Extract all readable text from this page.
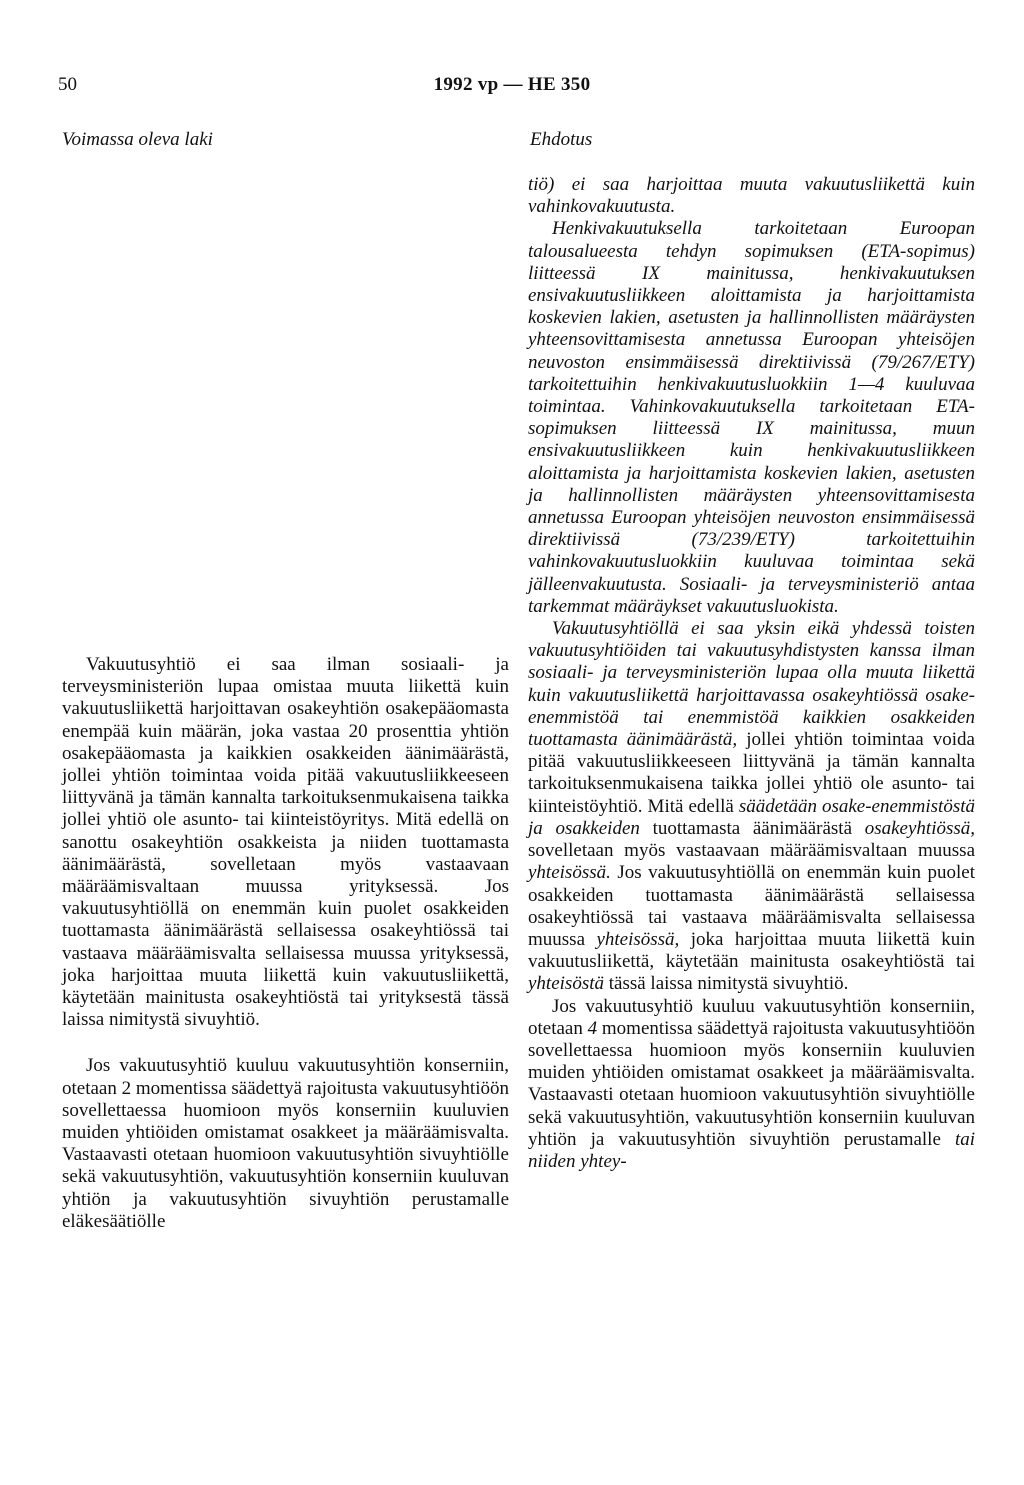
50	1992 vp — HE 350
Voimassa oleva laki	Ehdotus

Vakuutusyhtiö ei saa ilman sosiaali- ja terveysministeriön lupaa omistaa muuta liikettä kuin vakuutusliikettä harjoittavan osakeyhtiön osakepääomasta enempää kuin määrän, joka vastaa 20 prosenttia yhtiön osakepääomasta ja kaikkien osakkeiden äänimäärästä, jollei yhtiön toimintaa voida pitää vakuutusliikkeeseen liittyvänä ja tämän kannalta tarkoituksenmukaisena taikka jollei yhtiö ole asunto- tai kiinteistöyritys. Mitä edellä on sanottu osakeyhtiön osakkeista ja niiden tuottamasta äänimäärästä, sovelletaan myös vastaavaan määräämisvaltaan muussa yrityksessä. Jos vakuutusyhtiöllä on enemmän kuin puolet osakkeiden tuottamasta äänimäärästä sellaisessa osakeyhtiössä tai vastaava määräämisvalta sellaisessa muussa yrityksessä, joka harjoittaa muuta liikettä kuin vakuutusliikettä, käytetään mainitusta osakeyhtiöstä tai yrityksestä tässä laissa nimitystä sivuyhtiö.

Jos vakuutusyhtiö kuuluu vakuutusyhtiön konserniin, otetaan 2 momentissa säädettyä rajoitusta vakuutusyhtiöön sovellettaessa huomioon myös konserniin kuuluvien muiden yhtiöiden omistamat osakkeet ja määräämisvalta. Vastaavasti otetaan huomioon vakuutusyhtiön sivuyhtiölle sekä vakuutusyhtiön, vakuutusyhtiön konserniin kuuluvan yhtiön ja vakuutusyhtiön sivuyhtiön perustamalle eläkesäätiölle

tiö) ei saa harjoittaa muuta vakuutusliikettä kuin vahinkovakuutusta.

Henkivakuutuksella tarkoitetaan Euroopan talousalueesta tehdyn sopimuksen (ETA-sopimus) liitteessä IX mainitussa, henkivakuutuksen ensivakuutusliikkeen aloittamista ja harjoittamista koskevien lakien, asetusten ja hallinnollisten määräysten yhteensovittamisesta annetussa Euroopan yhteisöjen neuvoston ensimmäisessä direktiivissä (79/267/ETY) tarkoitettuihin henkivakuutusluokkiin 1—4 kuuluvaa toimintaa. Vahinkovakuutuksella tarkoitetaan ETA-sopimuksen liitteessä IX mainitussa, muun ensivakuutusliikkeen kuin henkivakuutusliikkeen aloittamista ja harjoittamista koskevien lakien, asetusten ja hallinnollisten määräysten yhteensovittamisesta annetussa Euroopan yhteisöjen neuvoston ensimmäisessä direktiivissä (73/239/ETY) tarkoitettuihin vahinkovakuutusluokkiin kuuluvaa toimintaa sekä jälleenvakuutusta. Sosiaali- ja terveysministeriö antaa tarkemmat määräykset vakuutusluokista.

Vakuutusyhtiöllä ei saa yksin eikä yhdessä toisten vakuutusyhtiöiden tai vakuutusyhdistysten kanssa ilman sosiaali- ja terveysministeriön lupaa olla muuta liikettä kuin vakuutusliikettä harjoittavassa osakeyhtiössä osake-enemmistöä tai enemmistöä kaikkien osakkeiden tuottamasta äänimäärästä, jollei yhtiön toimintaa voida pitää vakuutusliikkeeseen liittyvänä ja tämän kannalta tarkoituksenmukaisena taikka jollei yhtiö ole asunto- tai kiinteistöyhtiö. Mitä edellä säädetään osake-enemmistöstä ja osakkeiden tuottamasta äänimäärästä osakeyhtiössä, sovelletaan myös vastaavaan määräämisvaltaan muussa yhteisössä. Jos vakuutusyhtiöllä on enemmän kuin puolet osakkeiden tuottamasta äänimäärästä sellaisessa osakeyhtiössä tai vastaava määräämisvalta sellaisessa muussa yhteisössä, joka harjoittaa muuta liikettä kuin vakuutusliikettä, käytetään mainitusta osakeyhtiöstä tai yhteisöstä tässä laissa nimitystä sivuyhtiö.

Jos vakuutusyhtiö kuuluu vakuutusyhtiön konserniin, otetaan 4 momentissa säädettyä rajoitusta vakuutusyhtiöön sovellettaessa huomioon myös konserniin kuuluvien muiden yhtiöiden omistamat osakkeet ja määräämisvalta. Vastaavasti otetaan huomioon vakuutusyhtiön sivuyhtiölle sekä vakuutusyhtiön, vakuutusyhtiön konserniin kuuluvan yhtiön ja vakuutusyhtiön sivuyhtiön perustamalle tai niiden yhtey-
